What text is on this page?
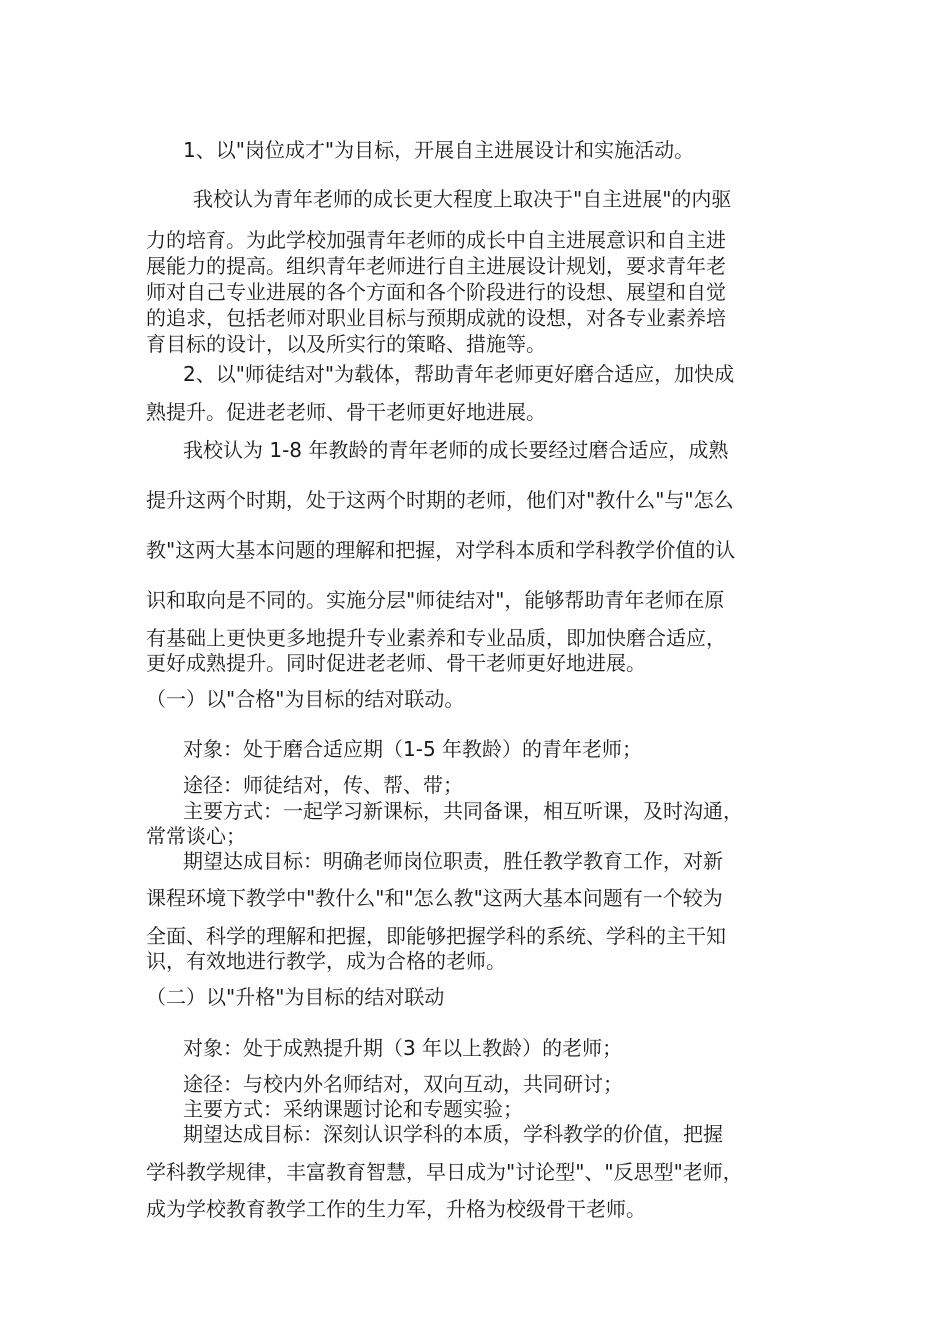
1、以"岗位成才"为目标，开展自主进展设计和实施活动。
我校认为青年老师的成长更大程度上取决于"自主进展"的内驱
力的培育。为此学校加强青年老师的成长中自主进展意识和自主进
展能力的提高。组织青年老师进行自主进展设计规划，要求青年老
师对自己专业进展的各个方面和各个阶段进行的设想、展望和自觉
的追求，包括老师对职业目标与预期成就的设想，对各专业素养培
育目标的设计，以及所实行的策略、措施等。
2、以"师徒结对"为载体，帮助青年老师更好磨合适应，加快成
熟提升。促进老老师、骨干老师更好地进展。
我校认为 1-8 年教龄的青年老师的成长要经过磨合适应，成熟
提升这两个时期，处于这两个时期的老师，他们对"教什么"与"怎么
教"这两大基本问题的理解和把握，对学科本质和学科教学价值的认
识和取向是不同的。实施分层"师徒结对"，能够帮助青年老师在原
有基础上更快更多地提升专业素养和专业品质，即加快磨合适应，
更好成熟提升。同时促进老老师、骨干老师更好地进展。
（一）以"合格"为目标的结对联动。
对象：处于磨合适应期（1-5 年教龄）的青年老师；
途径：师徒结对，传、帮、带；
主要方式：一起学习新课标，共同备课，相互听课，及时沟通，
常常谈心；
期望达成目标：明确老师岗位职责，胜任教学教育工作，对新
课程环境下教学中"教什么"和"怎么教"这两大基本问题有一个较为
全面、科学的理解和把握，即能够把握学科的系统、学科的主干知
识，有效地进行教学，成为合格的老师。
（二）以"升格"为目标的结对联动
对象：处于成熟提升期（3 年以上教龄）的老师；
途径：与校内外名师结对，双向互动，共同研讨；
主要方式：采纳课题讨论和专题实验；
期望达成目标：深刻认识学科的本质，学科教学的价值，把握
学科教学规律，丰富教育智慧，早日成为"讨论型"、"反思型"老师，
成为学校教育教学工作的生力军，升格为校级骨干老师。
